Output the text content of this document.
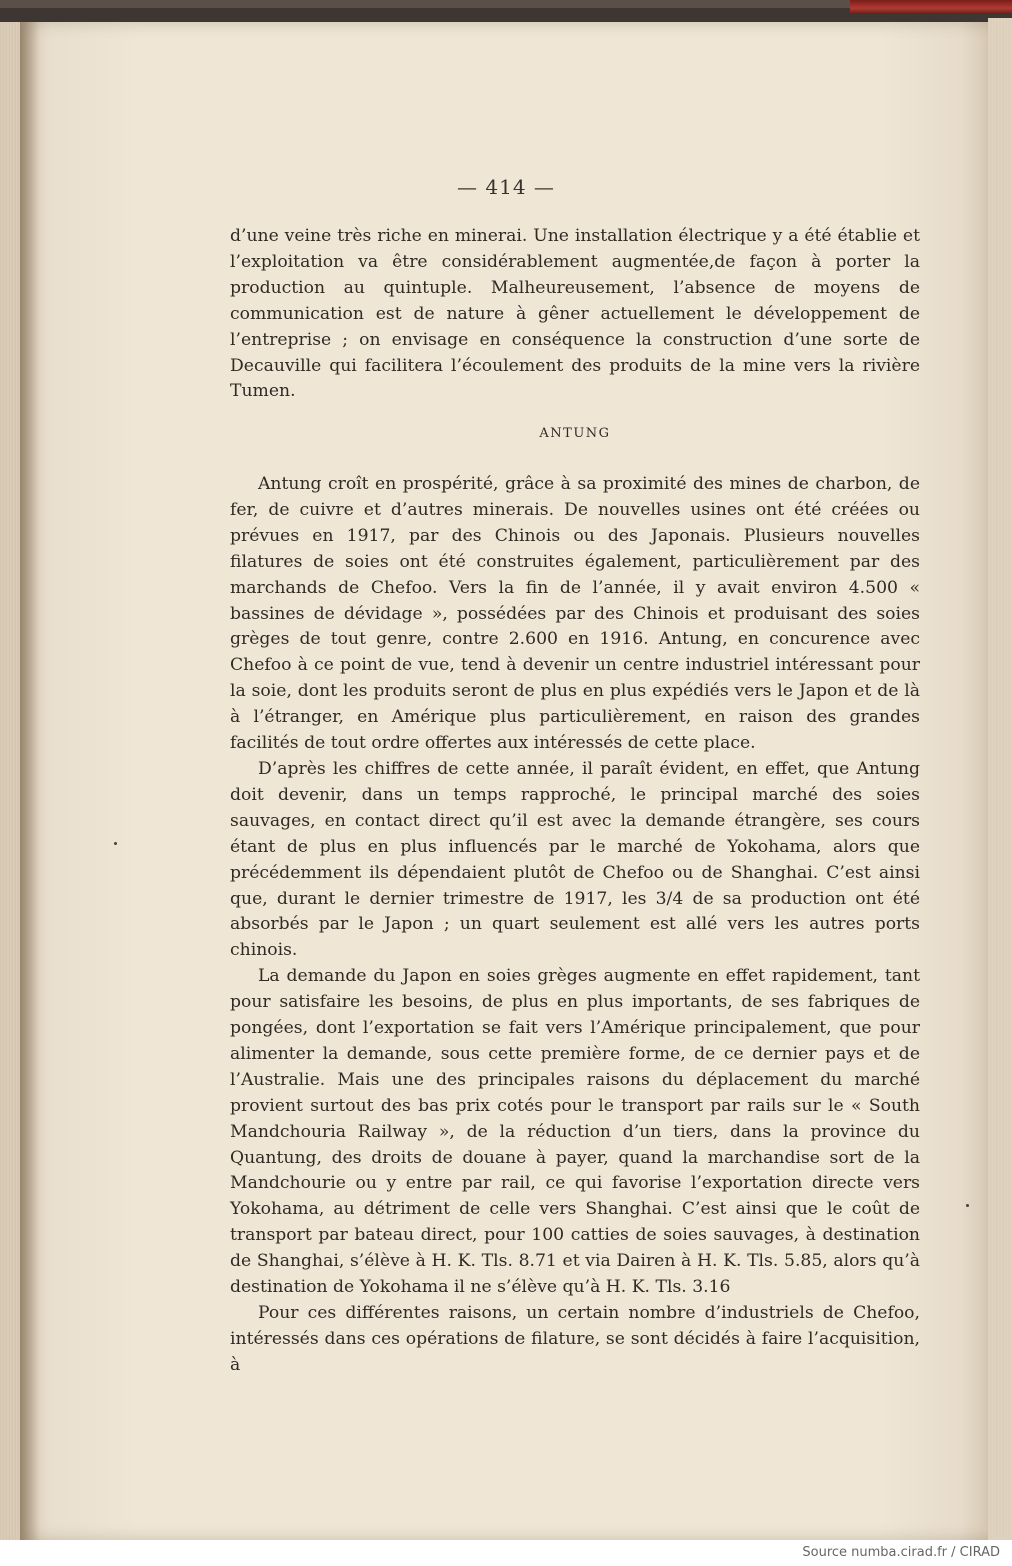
— 414 —

d’une veine très riche en minerai. Une installation électrique y a été établie et l’exploitation va être considérablement augmentée,de façon à porter la production au quintuple. Malheureusement, l’absence de moyens de communication est de nature à gêner actuellement le développement de l’entreprise ; on envisage en conséquence la construction d’une sorte de Decauville qui facilitera l’écoulement des produits de la mine vers la rivière Tumen.

ANTUNG

Antung croît en prospérité, grâce à sa proximité des mines de charbon, de fer, de cuivre et d’autres minerais. De nouvelles usines ont été créées ou prévues en 1917, par des Chinois ou des Japonais. Plusieurs nouvelles filatures de soies ont été construites également, particulièrement par des marchands de Chefoo. Vers la fin de l’année, il y avait environ 4.500 « bassines de dévidage », possédées par des Chinois et produisant des soies grèges de tout genre, contre 2.600 en 1916. Antung, en concurence avec Chefoo à ce point de vue, tend à devenir un centre industriel intéressant pour la soie, dont les produits seront de plus en plus expédiés vers le Japon et de là à l’étranger, en Amérique plus particulièrement, en raison des grandes facilités de tout ordre offertes aux intéressés de cette place.

D’après les chiffres de cette année, il paraît évident, en effet, que Antung doit devenir, dans un temps rapproché, le principal marché des soies sauvages, en contact direct qu’il est avec la demande étrangère, ses cours étant de plus en plus influencés par le marché de Yokohama, alors que précédemment ils dépendaient plutôt de Chefoo ou de Shanghai. C’est ainsi que, durant le dernier trimestre de 1917, les 3/4 de sa production ont été absorbés par le Japon ; un quart seulement est allé vers les autres ports chinois.

La demande du Japon en soies grèges augmente en effet rapidement, tant pour satisfaire les besoins, de plus en plus importants, de ses fabriques de pongées, dont l’exportation se fait vers l’Amérique principalement, que pour alimenter la demande, sous cette première forme, de ce dernier pays et de l’Australie. Mais une des principales raisons du déplacement du marché provient surtout des bas prix cotés pour le transport par rails sur le « South Mandchouria Railway », de la réduction d’un tiers, dans la province du Quantung, des droits de douane à payer, quand la marchandise sort de la Mandchourie ou y entre par rail, ce qui favorise l’exportation directe vers Yokohama, au détriment de celle vers Shanghai. C’est ainsi que le coût de transport par bateau direct, pour 100 catties de soies sauvages, à destination de Shanghai, s’élève à H. K. Tls. 8.71 et via Dairen à H. K. Tls. 5.85, alors qu’à destination de Yokohama il ne s’élève qu’à H. K. Tls. 3.16

Pour ces différentes raisons, un certain nombre d’industriels de Chefoo, intéressés dans ces opérations de filature, se sont décidés à faire l’acquisition, à

Source numba.cirad.fr / CIRAD
